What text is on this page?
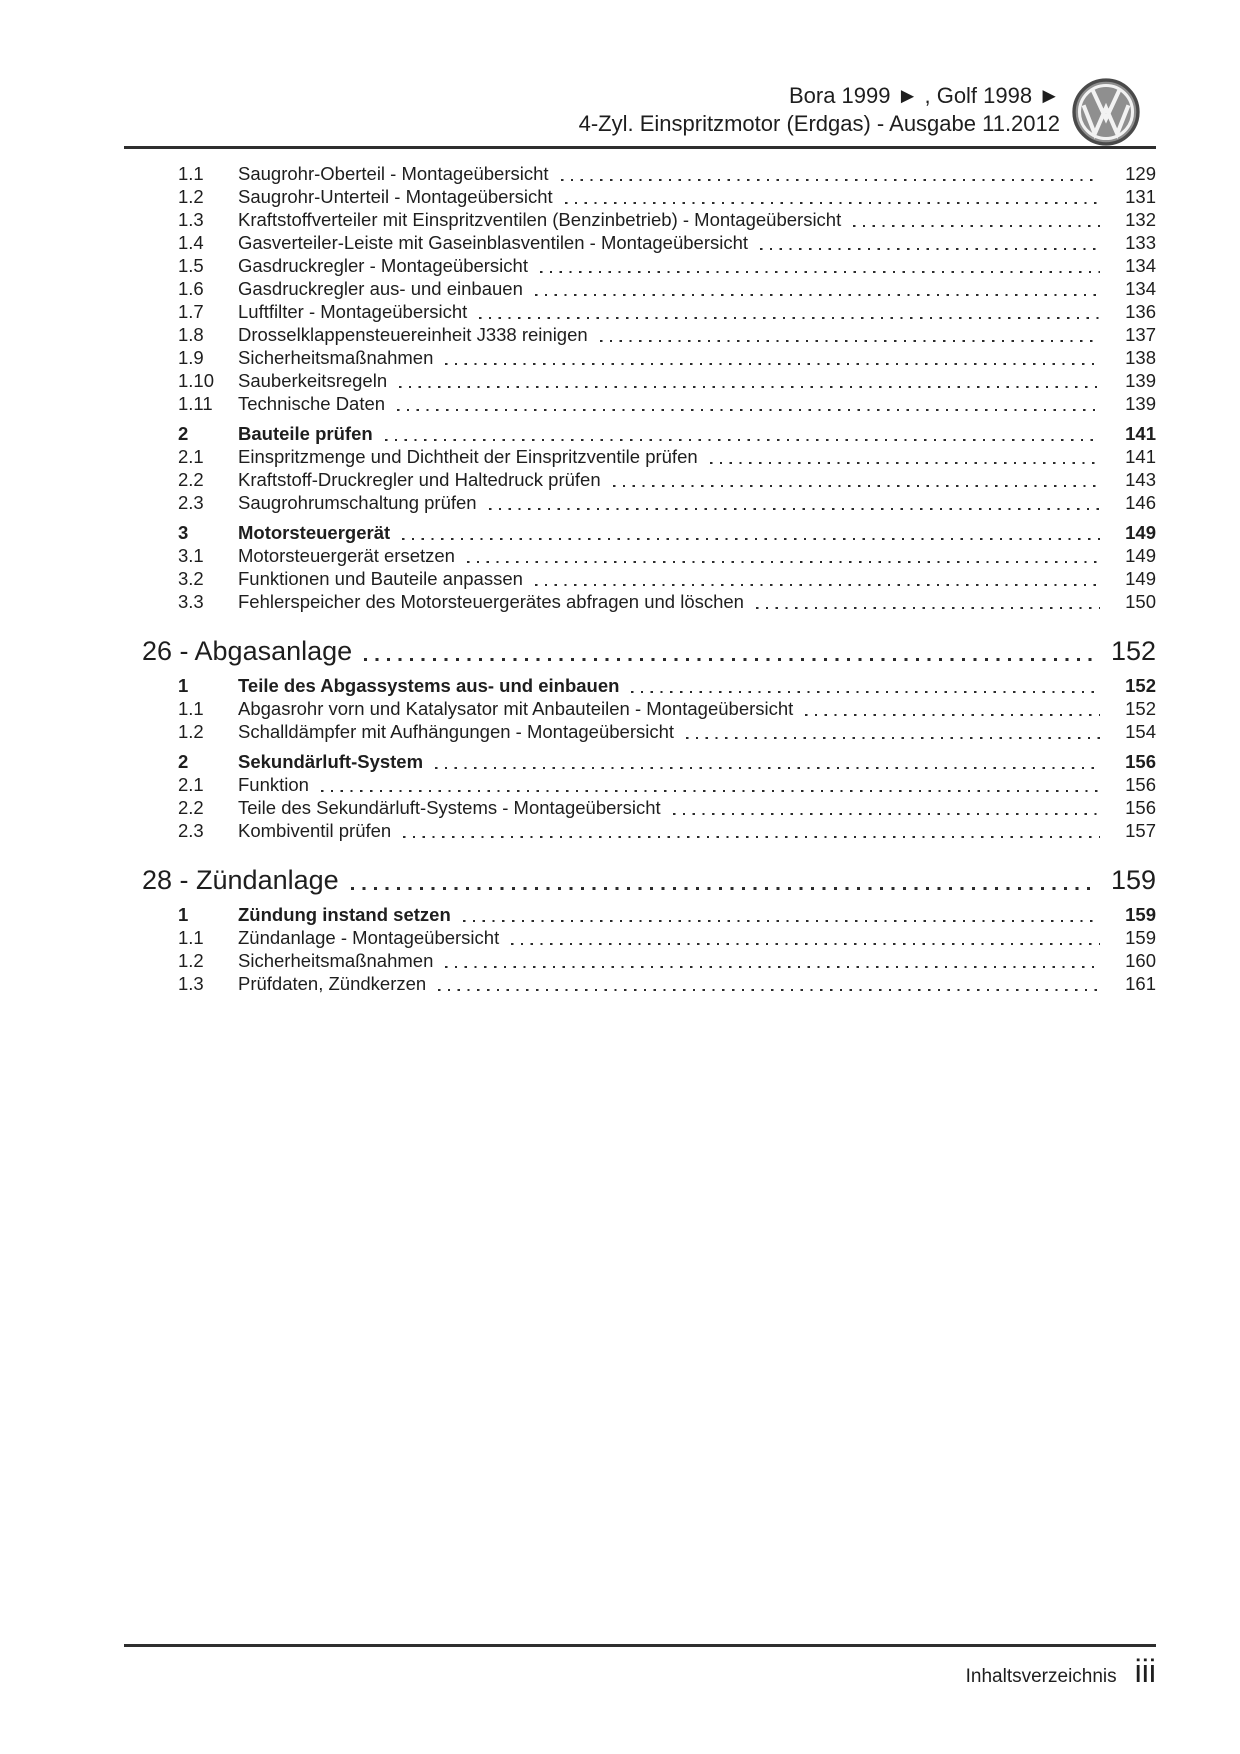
Bora 1999 ► , Golf 1998 ►
4-Zyl. Einspritzmotor (Erdgas) - Ausgabe 11.2012
1.1	Saugrohr-Oberteil - Montageübersicht	129
1.2	Saugrohr-Unterteil - Montageübersicht	131
1.3	Kraftstoffverteiler mit Einspritzventilen (Benzinbetrieb) - Montageübersicht	132
1.4	Gasverteiler-Leiste mit Gaseinblasventilen - Montageübersicht	133
1.5	Gasdruckregler - Montageübersicht	134
1.6	Gasdruckregler aus- und einbauen	134
1.7	Luftfilter - Montageübersicht	136
1.8	Drosselklappensteuereinheit J338 reinigen	137
1.9	Sicherheitsmaßnahmen	138
1.10	Sauberkeitsregeln	139
1.11	Technische Daten	139
2	Bauteile prüfen	141
2.1	Einspritzmenge und Dichtheit der Einspritzventile prüfen	141
2.2	Kraftstoff-Druckregler und Haltedruck prüfen	143
2.3	Saugrohrumschaltung prüfen	146
3	Motorsteuergerät	149
3.1	Motorsteuergerät ersetzen	149
3.2	Funktionen und Bauteile anpassen	149
3.3	Fehlerspeicher des Motorsteuergerätes abfragen und löschen	150
26 - Abgasanlage	152
1	Teile des Abgassystems aus- und einbauen	152
1.1	Abgasrohr vorn und Katalysator mit Anbauteilen - Montageübersicht	152
1.2	Schalldämpfer mit Aufhängungen - Montageübersicht	154
2	Sekundärluft-System	156
2.1	Funktion	156
2.2	Teile des Sekundärluft-Systems - Montageübersicht	156
2.3	Kombiventil prüfen	157
28 - Zündanlage	159
1	Zündung instand setzen	159
1.1	Zündanlage - Montageübersicht	159
1.2	Sicherheitsmaßnahmen	160
1.3	Prüfdaten, Zündkerzen	161
Inhaltsverzeichnis iii
